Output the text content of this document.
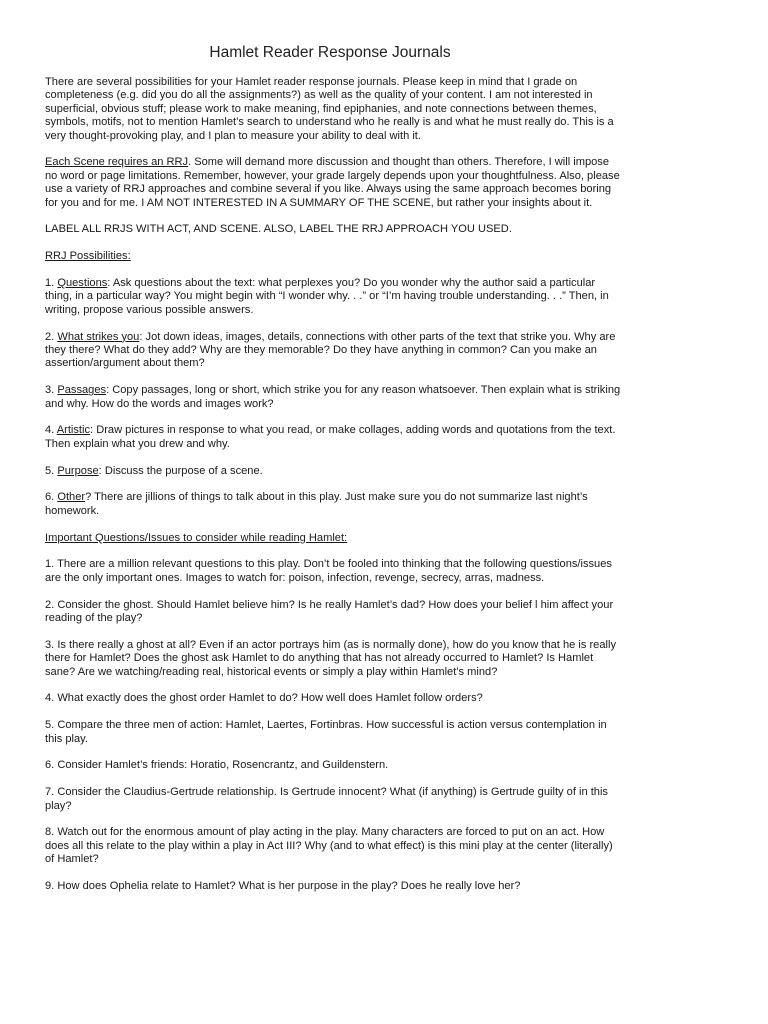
Hamlet Reader Response Journals

There are several possibilities for your Hamlet reader response journals. Please keep in mind that I grade on completeness (e.g. did you do all the assignments?) as well as the quality of your content. I am not interested in superficial, obvious stuff; please work to make meaning, find epiphanies, and note connections between themes, symbols, motifs, not to mention Hamlet’s search to understand who he really is and what he must really do. This is a very thought-provoking play, and I plan to measure your ability to deal with it.

Each Scene requires an RRJ. Some will demand more discussion and thought than others. Therefore, I will impose no word or page limitations. Remember, however, your grade largely depends upon your thoughtfulness. Also, please use a variety of RRJ approaches and combine several if you like. Always using the same approach becomes boring for you and for me. I AM NOT INTERESTED IN A SUMMARY OF THE SCENE, but rather your insights about it.

LABEL ALL RRJS WITH ACT, AND SCENE. ALSO, LABEL THE RRJ APPROACH YOU USED.

RRJ Possibilities:

1. Questions: Ask questions about the text: what perplexes you? Do you wonder why the author said a particular thing, in a particular way? You might begin with “I wonder why. . .” or “I’m having trouble understanding. . .” Then, in writing, propose various possible answers.

2. What strikes you: Jot down ideas, images, details, connections with other parts of the text that strike you. Why are they there? What do they add? Why are they memorable? Do they have anything in common? Can you make an assertion/argument about them?

3. Passages: Copy passages, long or short, which strike you for any reason whatsoever. Then explain what is striking and why. How do the words and images work?

4. Artistic: Draw pictures in response to what you read, or make collages, adding words and quotations from the text. Then explain what you drew and why.

5. Purpose: Discuss the purpose of a scene.

6. Other? There are jillions of things to talk about in this play. Just make sure you do not summarize last night’s homework.

Important Questions/Issues to consider while reading Hamlet:

1. There are a million relevant questions to this play. Don’t be fooled into thinking that the following questions/issues are the only important ones. Images to watch for: poison, infection, revenge, secrecy, arras, madness.

2. Consider the ghost. Should Hamlet believe him? Is he really Hamlet’s dad? How does your belief l him affect your reading of the play?

3. Is there really a ghost at all? Even if an actor portrays him (as is normally done), how do you know that he is really there for Hamlet? Does the ghost ask Hamlet to do anything that has not already occurred to Hamlet? Is Hamlet sane? Are we watching/reading real, historical events or simply a play within Hamlet’s mind?

4. What exactly does the ghost order Hamlet to do? How well does Hamlet follow orders?

5. Compare the three men of action: Hamlet, Laertes, Fortinbras. How successful is action versus contemplation in this play.

6. Consider Hamlet’s friends: Horatio, Rosencrantz, and Guildenstern.

7. Consider the Claudius-Gertrude relationship. Is Gertrude innocent? What (if anything) is Gertrude guilty of in this play?

8. Watch out for the enormous amount of play acting in the play. Many characters are forced to put on an act. How does all this relate to the play within a play in Act III? Why (and to what effect) is this mini play at the center (literally) of Hamlet?

9. How does Ophelia relate to Hamlet? What is her purpose in the play? Does he really love her?
